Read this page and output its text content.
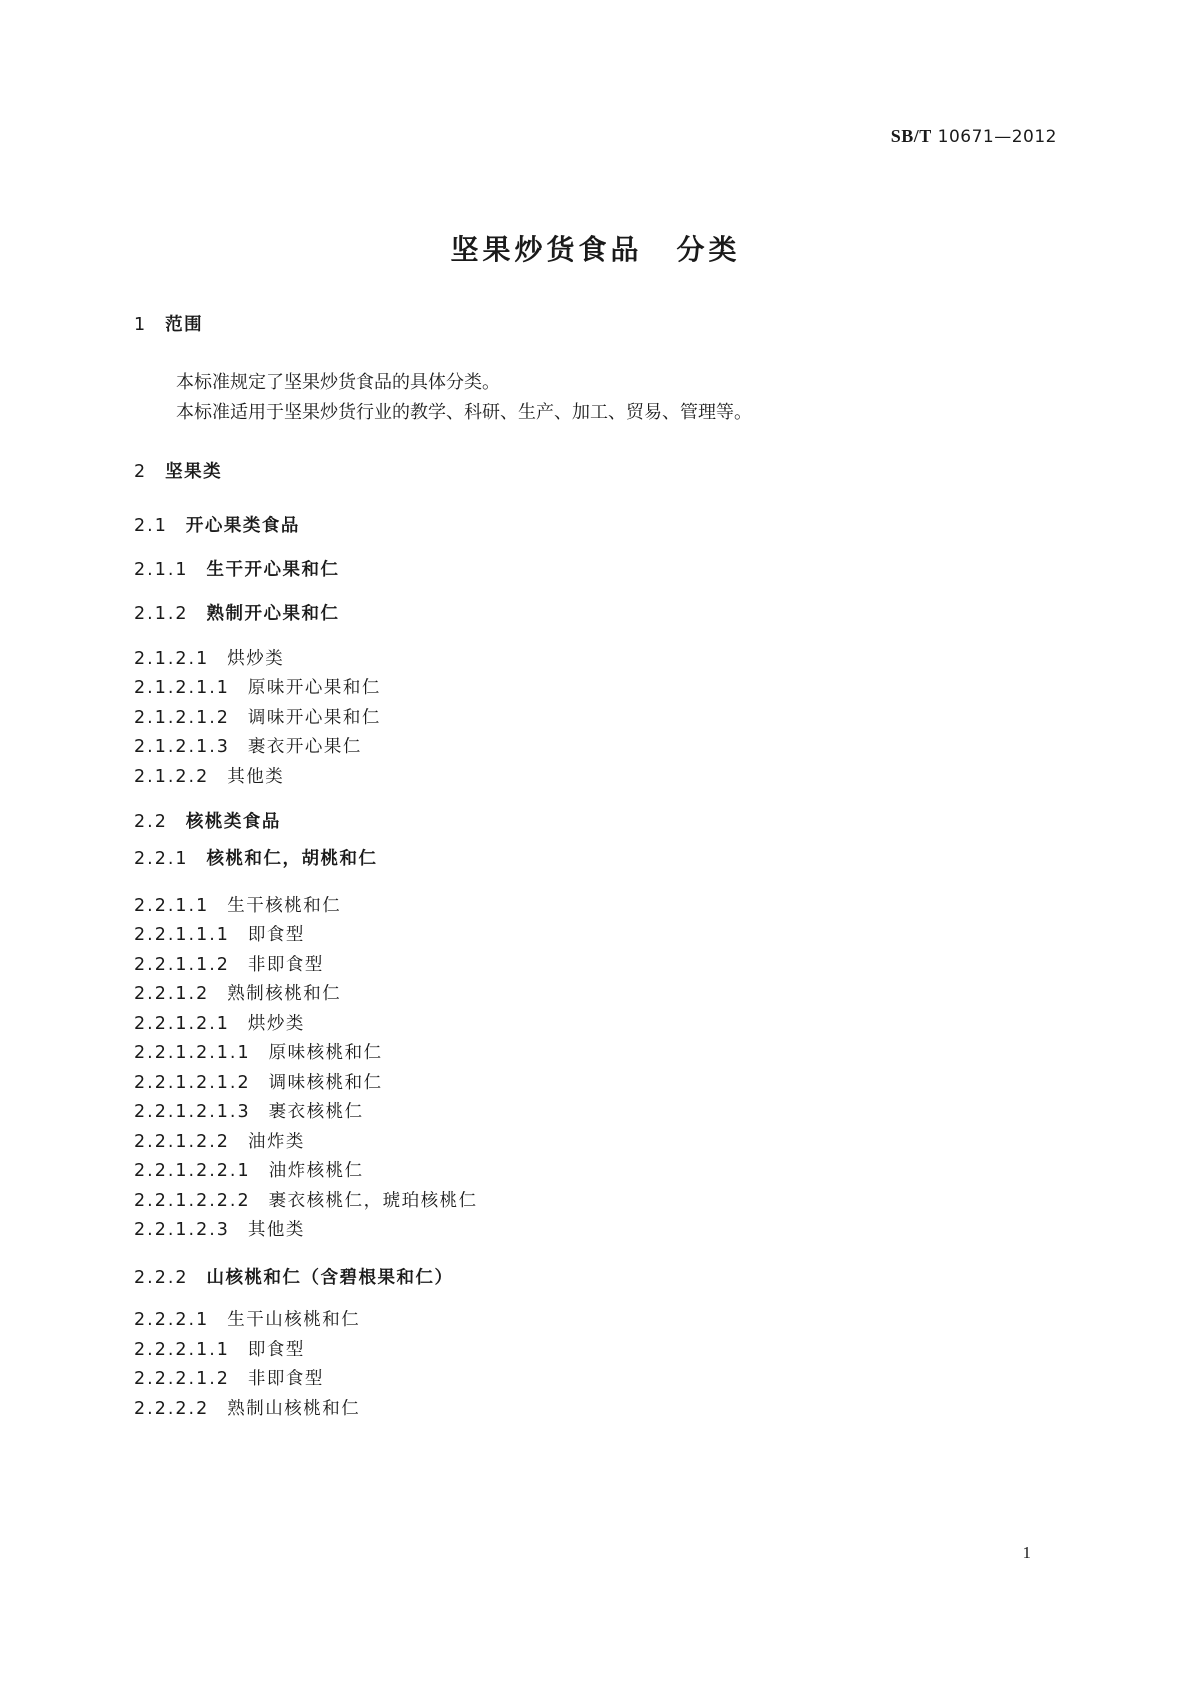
SB/T 10671—2012
坚果炒货食品 分类
1 范围
本标准规定了坚果炒货食品的具体分类。
本标准适用于坚果炒货行业的教学、科研、生产、加工、贸易、管理等。
2 坚果类
2.1 开心果类食品
2.1.1 生干开心果和仁
2.1.2 熟制开心果和仁
2.1.2.1 烘炒类
2.1.2.1.1 原味开心果和仁
2.1.2.1.2 调味开心果和仁
2.1.2.1.3 裹衣开心果仁
2.1.2.2 其他类
2.2 核桃类食品
2.2.1 核桃和仁，胡桃和仁
2.2.1.1 生干核桃和仁
2.2.1.1.1 即食型
2.2.1.1.2 非即食型
2.2.1.2 熟制核桃和仁
2.2.1.2.1 烘炒类
2.2.1.2.1.1 原味核桃和仁
2.2.1.2.1.2 调味核桃和仁
2.2.1.2.1.3 裹衣核桃仁
2.2.1.2.2 油炸类
2.2.1.2.2.1 油炸核桃仁
2.2.1.2.2.2 裹衣核桃仁，琥珀核桃仁
2.2.1.2.3 其他类
2.2.2 山核桃和仁（含碧根果和仁）
2.2.2.1 生干山核桃和仁
2.2.2.1.1 即食型
2.2.2.1.2 非即食型
2.2.2.2 熟制山核桃和仁
1
